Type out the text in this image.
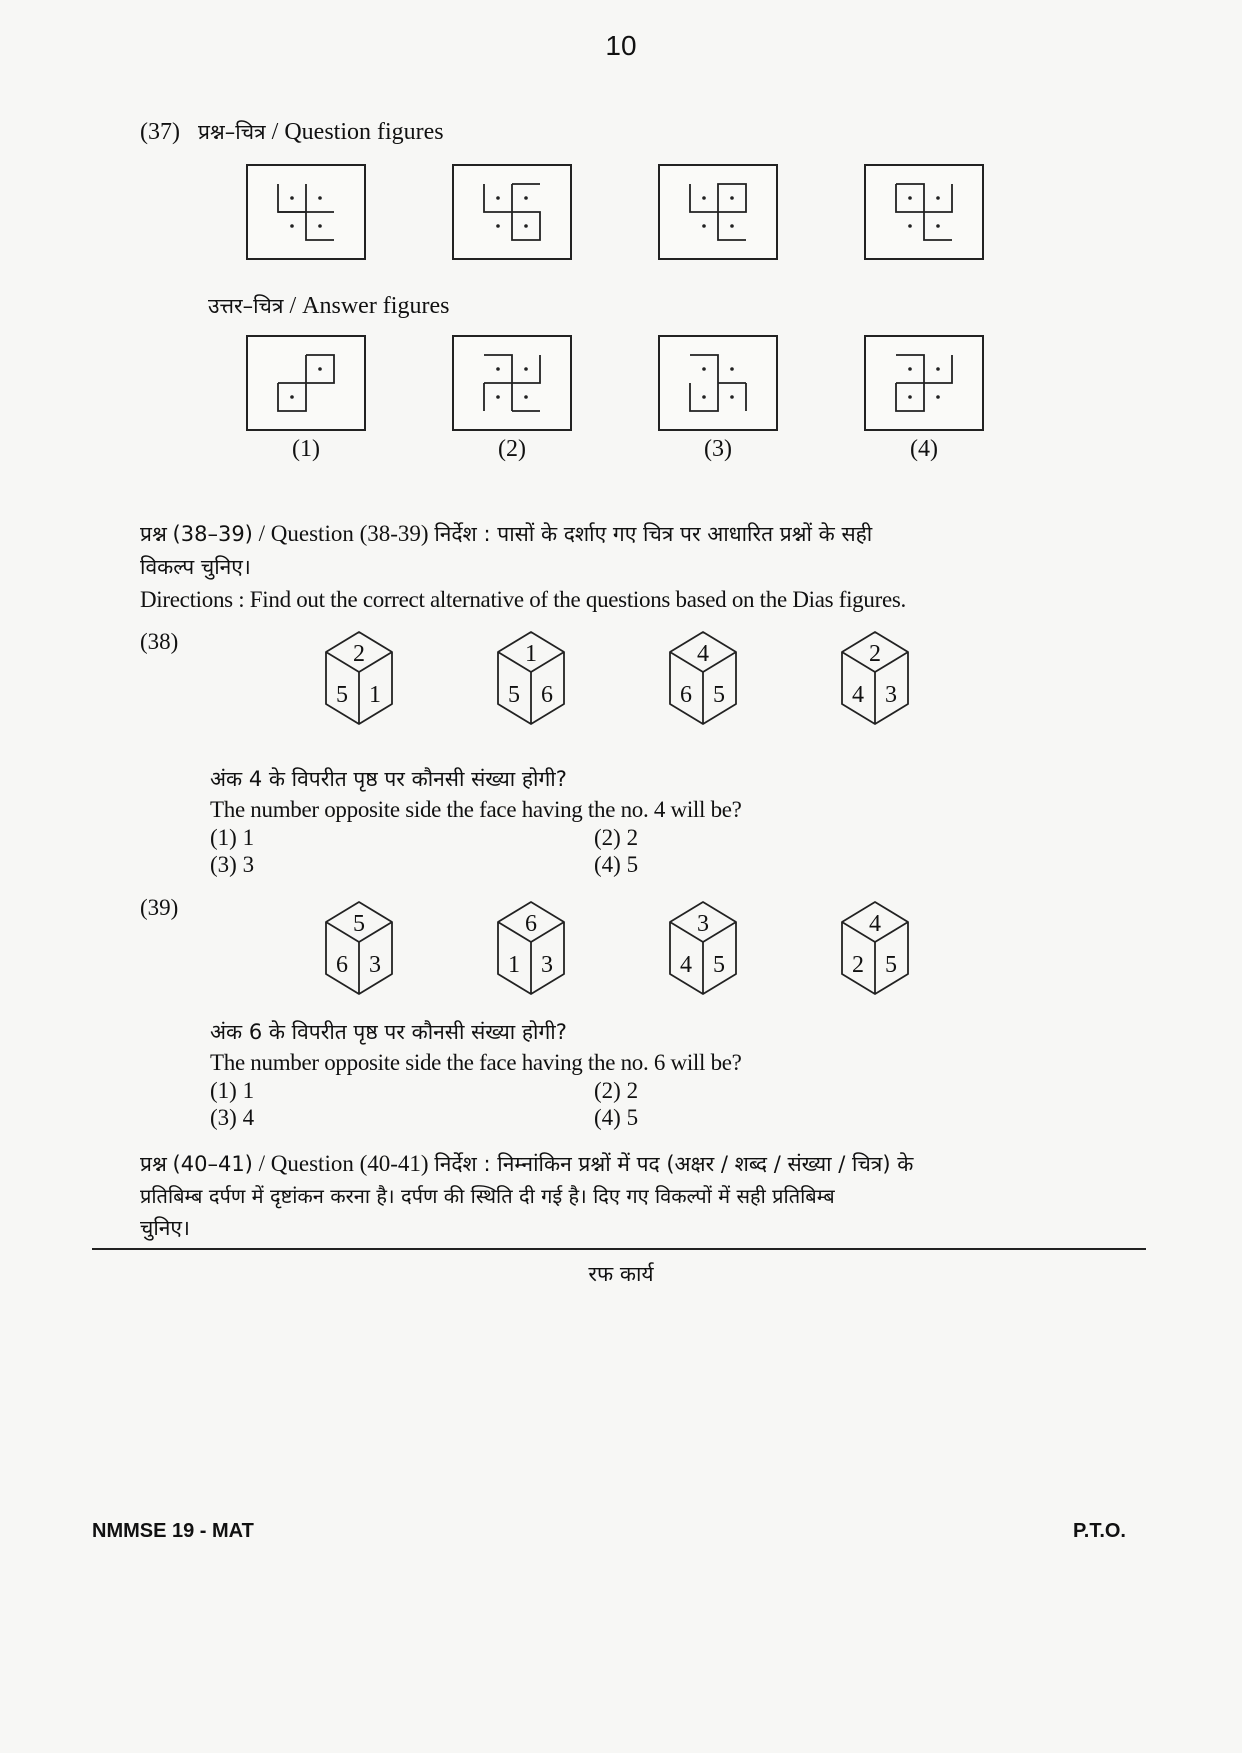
10
(37) प्रश्न–चित्र / Question figures
उत्तर–चित्र / Answer figures
(1)	(2)	(3)	(4)
प्रश्न (38–39) / Question (38-39) निर्देश : पासों के दर्शाए गए चित्र पर आधारित प्रश्नों के सही
विकल्प चुनिए।
Directions : Find out the correct alternative of the questions based on the Dias figures.
(38)	2
5 1
1
5 6
4
6 5
2
4 3
अंक 4 के विपरीत पृष्ठ पर कौनसी संख्या होगी?
The number opposite side the face having the no. 4 will be?
(1) 1	(2) 2
(3) 3	(4) 5
(39)
5
6 3
6
1 3
3
4 5
4
2 5
अंक 6 के विपरीत पृष्ठ पर कौनसी संख्या होगी?
The number opposite side the face having the no. 6 will be?
(1) 1	(2) 2
(3) 4	(4) 5
प्रश्न (40–41) / Question (40-41) निर्देश : निम्नांकिन प्रश्नों में पद (अक्षर / शब्द / संख्या / चित्र) के
प्रतिबिम्ब दर्पण में दृष्टांकन करना है। दर्पण की स्थिति दी गई है। दिए गए विकल्पों में सही प्रतिबिम्ब
चुनिए।
रफ कार्य
NMMSE 19 - MAT	P.T.O.
